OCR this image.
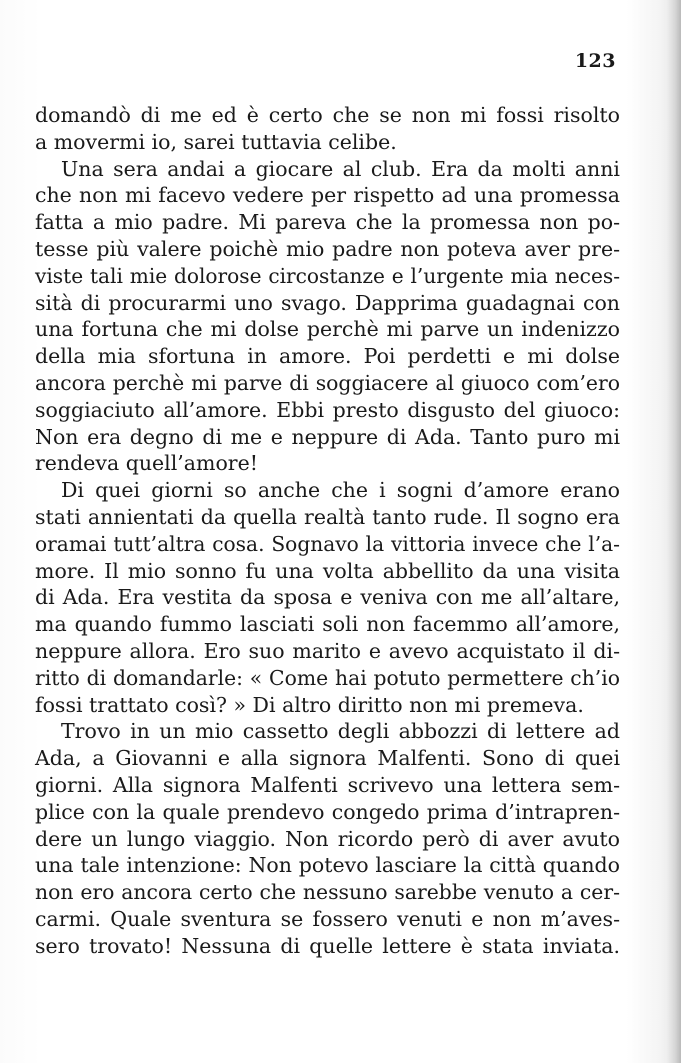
123
domandò di me ed è certo che se non mi fossi risolto
a movermi io, sarei tuttavia celibe.
Una sera andai a giocare al club. Era da molti anni
che non mi facevo vedere per rispetto ad una promessa
fatta a mio padre. Mi pareva che la promessa non po-
tesse più valere poichè mio padre non poteva aver pre-
viste tali mie dolorose circostanze e l’urgente mia neces-
sità di procurarmi uno svago. Dapprima guadagnai con
una fortuna che mi dolse perchè mi parve un indenizzo
della mia sfortuna in amore. Poi perdetti e mi dolse
ancora perchè mi parve di soggiacere al giuoco com’ero
soggiaciuto all’amore. Ebbi presto disgusto del giuoco:
Non era degno di me e neppure di Ada. Tanto puro mi
rendeva quell’amore!
Di quei giorni so anche che i sogni d’amore erano
stati annientati da quella realtà tanto rude. Il sogno era
oramai tutt’altra cosa. Sognavo la vittoria invece che l’a-
more. Il mio sonno fu una volta abbellito da una visita
di Ada. Era vestita da sposa e veniva con me all’altare,
ma quando fummo lasciati soli non facemmo all’amore,
neppure allora. Ero suo marito e avevo acquistato il di-
ritto di domandarle: « Come hai potuto permettere ch’io
fossi trattato così? » Di altro diritto non mi premeva.
Trovo in un mio cassetto degli abbozzi di lettere ad
Ada, a Giovanni e alla signora Malfenti. Sono di quei
giorni. Alla signora Malfenti scrivevo una lettera sem-
plice con la quale prendevo congedo prima d’intrapren-
dere un lungo viaggio. Non ricordo però di aver avuto
una tale intenzione: Non potevo lasciare la città quando
non ero ancora certo che nessuno sarebbe venuto a cer-
carmi. Quale sventura se fossero venuti e non m’aves-
sero trovato! Nessuna di quelle lettere è stata inviata.
